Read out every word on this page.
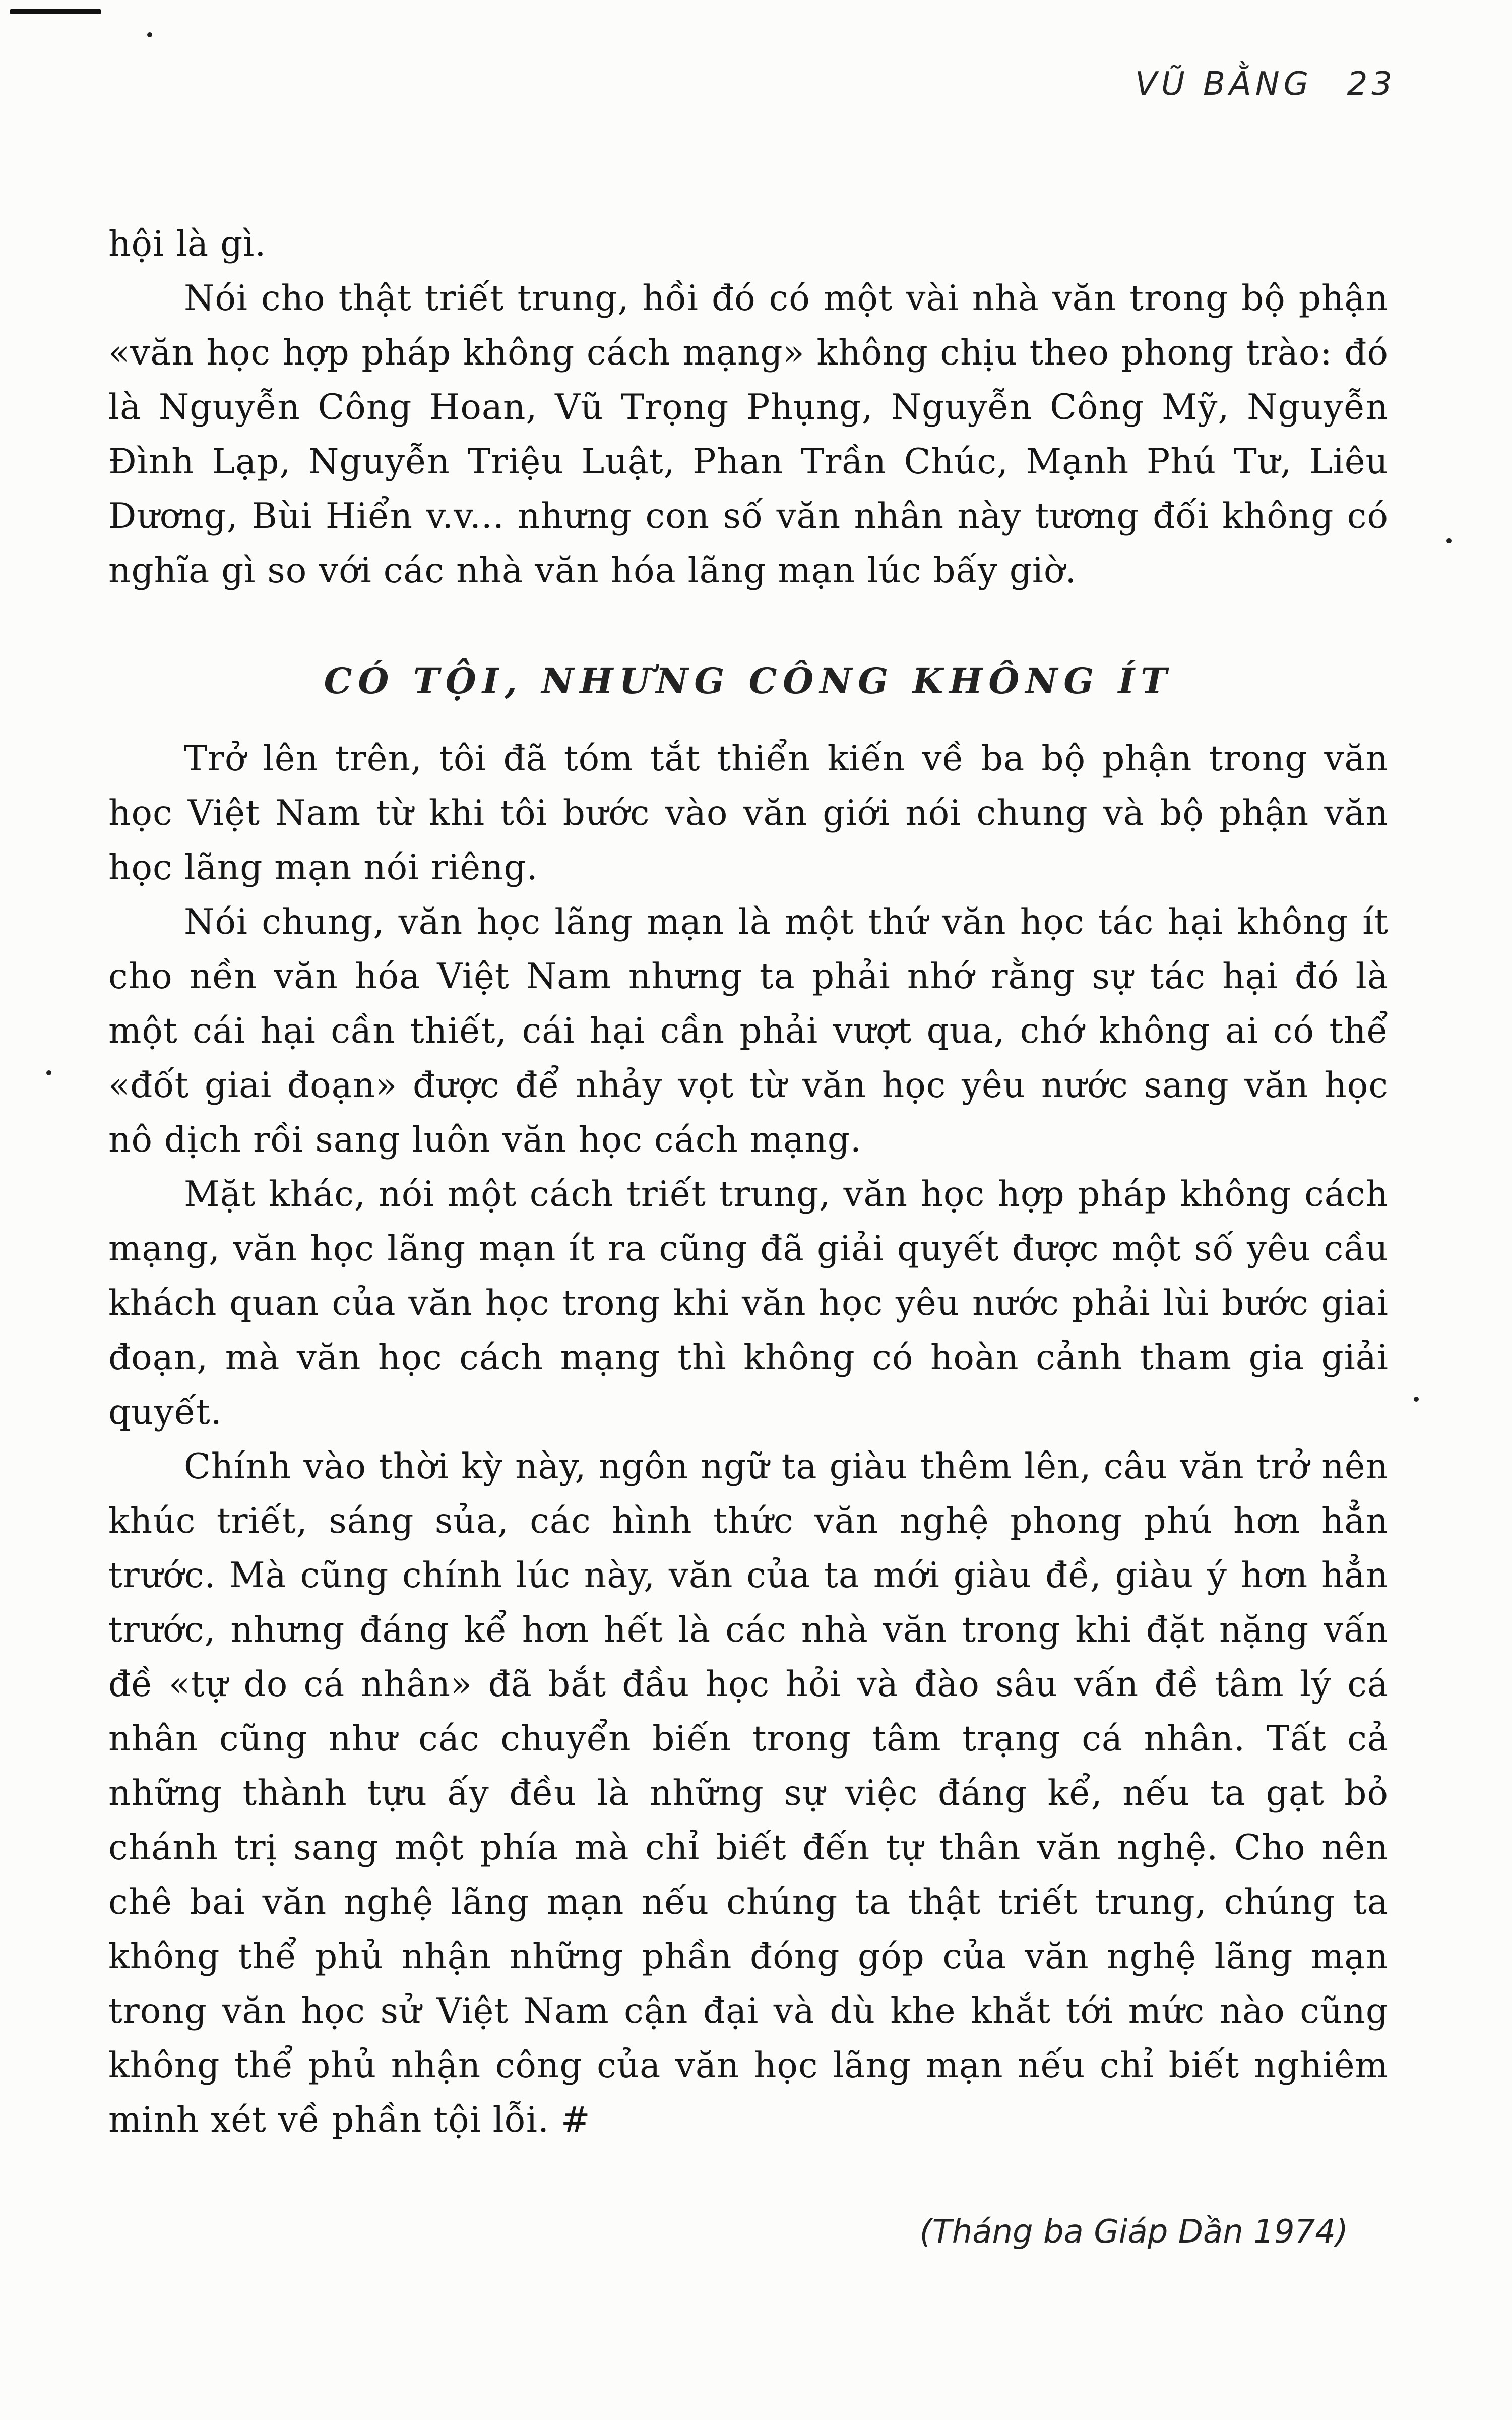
VŨ BẰNG 23

hội là gì.

Nói cho thật triết trung, hồi đó có một vài nhà văn trong bộ phận «văn học hợp pháp không cách mạng» không chịu theo phong trào: đó là Nguyễn Công Hoan, Vũ Trọng Phụng, Nguyễn Công Mỹ, Nguyễn Đình Lạp, Nguyễn Triệu Luật, Phan Trần Chúc, Mạnh Phú Tư, Liêu Dương, Bùi Hiển v.v... nhưng con số văn nhân này tương đối không có nghĩa gì so với các nhà văn hóa lãng mạn lúc bấy giờ.

CÓ TỘI, NHƯNG CÔNG KHÔNG ÍT

Trở lên trên, tôi đã tóm tắt thiển kiến về ba bộ phận trong văn học Việt Nam từ khi tôi bước vào văn giới nói chung và bộ phận văn học lãng mạn nói riêng.

Nói chung, văn học lãng mạn là một thứ văn học tác hại không ít cho nền văn hóa Việt Nam nhưng ta phải nhớ rằng sự tác hại đó là một cái hại cần thiết, cái hại cần phải vượt qua, chớ không ai có thể «đốt giai đoạn» được để nhảy vọt từ văn học yêu nước sang văn học nô dịch rồi sang luôn văn học cách mạng.

Mặt khác, nói một cách triết trung, văn học hợp pháp không cách mạng, văn học lãng mạn ít ra cũng đã giải quyết được một số yêu cầu khách quan của văn học trong khi văn học yêu nước phải lùi bước giai đoạn, mà văn học cách mạng thì không có hoàn cảnh tham gia giải quyết.

Chính vào thời kỳ này, ngôn ngữ ta giàu thêm lên, câu văn trở nên khúc triết, sáng sủa, các hình thức văn nghệ phong phú hơn hẳn trước. Mà cũng chính lúc này, văn của ta mới giàu đề, giàu ý hơn hẳn trước, nhưng đáng kể hơn hết là các nhà văn trong khi đặt nặng vấn đề «tự do cá nhân» đã bắt đầu học hỏi và đào sâu vấn đề tâm lý cá nhân cũng như các chuyển biến trong tâm trạng cá nhân. Tất cả những thành tựu ấy đều là những sự việc đáng kể, nếu ta gạt bỏ chánh trị sang một phía mà chỉ biết đến tự thân văn nghệ. Cho nên chê bai văn nghệ lãng mạn nếu chúng ta thật triết trung, chúng ta không thể phủ nhận những phần đóng góp của văn nghệ lãng mạn trong văn học sử Việt Nam cận đại và dù khe khắt tới mức nào cũng không thể phủ nhận công của văn học lãng mạn nếu chỉ biết nghiêm minh xét về phần tội lỗi. #

(Tháng ba Giáp Dần 1974)
